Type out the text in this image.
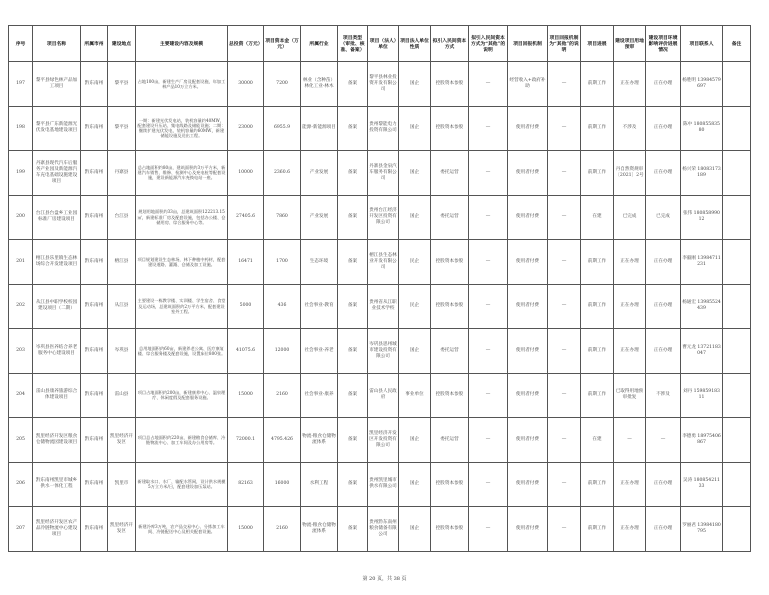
序号	项目名称	所属市州	建设地点	主要建设内容及规模	总投资（万元）	项目资本金（万元）	所属行业	项目类型（审批、核准、备案）	项目（法人）单位	项目法人单位性质	拟引入民间资本方式	拟引入民间资本方式为“其他”的说明	项目回报机制	项目回报机制为“其他”的说明	项目进展	建设项目用地预审	建设项目环境影响评价进展情况	项目联系人	备注
197	黎平县绿色林产品加工项目	黔东南州	黎平县	占地100亩，新建生产厂房及配套设施，年加工林产品10万立方米。	30000	7200	林业（含种苗）林化工业-林木	备案	黎平县林业投资开发有限公司	国企	控股资本参股	—	经营收入+政府补助	—	前期工作	正在办理	正在办理	杨胜明 13984579697	
198	黎平县广东新能源光伏发电基地建设项目	黔东南州	黎平县	一期：新建光伏发电站，装机容量约40MW，配套建设升压站、集电线路及储能设施；二期：继续扩建光伏发电，装机容量约60MW，新建储能设施及送出工程。	23000	6955.9	能源-新能源项目	备案	贵州黎能电力投资有限公司	国企	控股资本参股	—	使用者付费	—	前期工作	不涉及	正在办理	陈中 18085583580	
199	丹寨县现代汽车后服务产业园及新能源汽车充电基础设施建设项目	黔东南州	丹寨县	总占地面积约80亩，建筑面积约3万平方米，新建汽车销售、维修、检测中心及充电桩等配套设施，建设新能源汽车充换电站一座。	10000	2360.6	产业发展	备案	丹寨县金泉汽车服务有限公司	国企	委托运营	—	使用者付费	—	前期工作	丹自然资规审〔2021〕2号	正在办理	杨兴荣 18083173189	
200	台江县台盘乡工业园标准厂房建设项目	黔东南州	台江县	规划用地面积约33亩，总建筑面积122213.15㎡，新建标准厂房及配套设施，包括办公楼、仓储用房、综合服务中心等。	27405.6	7860	产业发展	备案	贵州台江经济开发区投资有限公司	国企	委托运营	—	使用者付费	—	在建	已完成	已完成	张伟 18085899012	
201	榕江县乐里镇生态林场综合开发建设项目	黔东南州	榕江县	项目规划建设生态林场，林下种植中药材，配套建设道路、灌溉、仓储及加工设施。	16471	1700	生态环境	备案	榕江县生态林业开发有限公司	民企	控股资本参股	—	使用者付费	—	前期工作	正在办理	正在办理	李毅刚 13984711231	
202	从江县中职学校校园建设项目（二期）	黔东南州	从江县	主要建设一栋教学楼、实训楼、学生宿舍、食堂及运动场，总建筑面积约2万平方米，配套建设室外工程。	5000	436	社会事业-教育	备案	贵州省从江职业技术学校	民企	控股资本参股	—	使用者付费	—	前期工作	正在办理	正在办理	杨通宏 13985524439	
203	岑巩县医养结合养老服务中心建设项目	黔东南州	岑巩县	总用地面积约60亩，新建养老公寓、医疗康复楼、综合服务楼及配套设施，设置床位800张。	41075.6	12000	社会事业-养老	备案	岑巩县思州城市建设投资有限公司	国企	委托运营	—	使用者付费	—	前期工作	正在办理	正在办理	曹元龙 13721183047	
204	雷山县康养旅游综合体建设项目	黔东南州	雷山县	项目占地面积约200亩，新建康养中心、温泉理疗、休闲度假及配套服务设施。	15000	2160	社会事业-康养	备案	雷山县人民政府	事业单位	控股资本参股	—	使用者付费	—	前期工作	已取得用地预审批复	不涉及	刘丹 15985918311	
205	凯里经济开发区粮食仓储物流园建设项目	黔东南州	凯里经济开发区	项目总占地面积约220亩，新建粮食仓储库、冷链物流中心、加工车间及办公用房等。	72000.1	4795.426	物流-粮食仓储物流体系	备案	凯里经济开发区开发投资有限公司	国企	委托运营	—	使用者付费	—	在建	—	—	李德勇 18975406867	
206	黔东南州凯里市城乡供水一体化工程	黔东南州	凯里市	新建取水口、水厂、输配水管网，设计供水规模5万立方米/日，配套建设加压泵站。	82163	16000	水利工程	备案	贵州凯里城市供水有限公司	国企	控股资本参股	—	使用者付费	—	前期工作	正在办理	正在办理	吴涛 18085421133	
207	凯里经济开发区农产品冷链物流中心建设项目	黔东南州	凯里经济开发区	新建冷库3万吨，农产品交易中心、分拣加工车间、冷链配送中心及相关配套设施。	15000	2160	物流-粮食仓储物流体系	备案	贵州黔东南州粮食储备有限公司	国企	控股资本参股	—	使用者付费	—	前期工作	正在办理	正在办理	罗丽君 13984180795	
第 20 页，共 38 页
